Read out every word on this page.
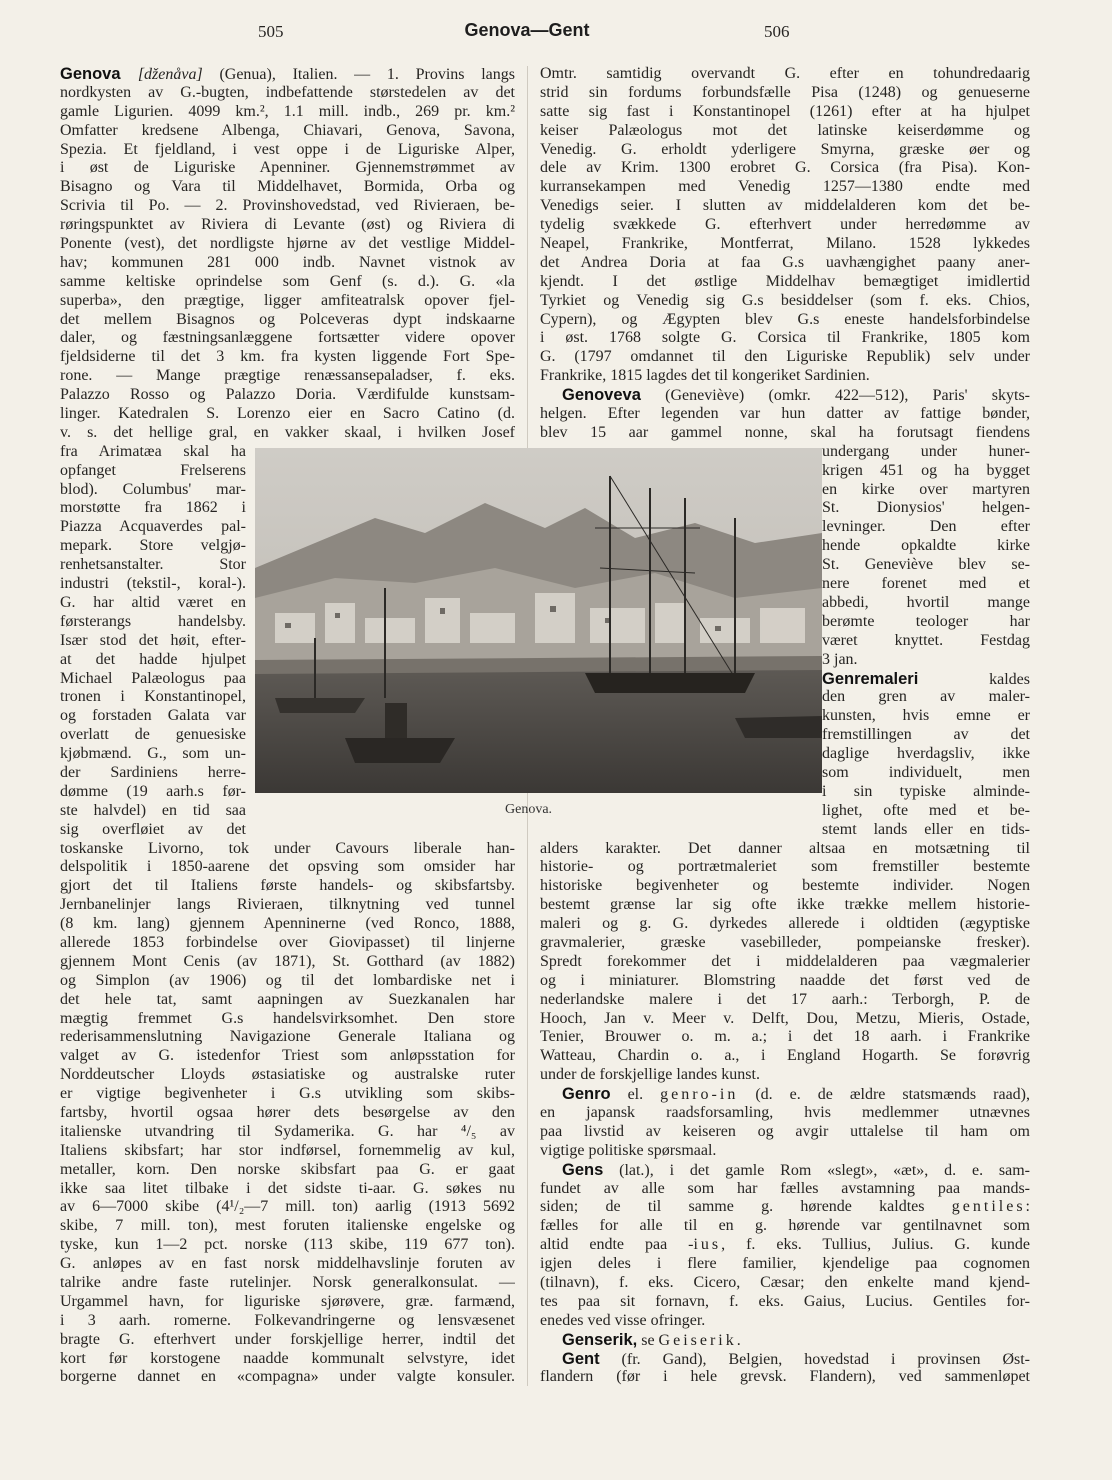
505	Genova—Gent	506
Genova [dženåva] (Genua), Italien. — 1. Provins langs
nordkysten av G.-bugten, indbefattende størstedelen av det
gamle Ligurien. 4099 km.², 1.1 mill. indb., 269 pr. km.²
Omfatter kredsene Albenga, Chiavari, Genova, Savona,
Spezia. Et fjeldland, i vest oppe i de Liguriske Alper,
i øst de Liguriske Apenniner. Gjennemstrømmet av
Bisagno og Vara til Middelhavet, Bormida, Orba og
Scrivia til Po. — 2. Provinshovedstad, ved Rivieraen, be-
røringspunktet av Riviera di Levante (øst) og Riviera di
Ponente (vest), det nordligste hjørne av det vestlige Middel-
hav; kommunen 281 000 indb. Navnet vistnok av
samme keltiske oprindelse som Genf (s. d.). G. «la
superba», den prægtige, ligger amfiteatralsk opover fjel-
det mellem Bisagnos og Polceveras dypt indskaarne
daler, og fæstningsanlæggene fortsætter videre opover
fjeldsiderne til det 3 km. fra kysten liggende Fort Spe-
rone. — Mange prægtige renæssansepaladser, f. eks.
Palazzo Rosso og Palazzo Doria. Værdifulde kunstsam-
linger. Katedralen S. Lorenzo eier en Sacro Catino (d.
v. s. det hellige gral, en vakker skaal, i hvilken Josef
fra Arimatæa skal ha
opfanget Frelserens
blod). Columbus' mar-
morstøtte fra 1862 i
Piazza Acquaverdes pal-
mepark. Store velgjø-
renhetsanstalter. Stor
industri (tekstil-, koral-).
G. har altid været en
førsterangs handelsby.
Især stod det høit, efter-
at det hadde hjulpet
Michael Palæologus paa
tronen i Konstantinopel,
og forstaden Galata var
overlatt de genuesiske
kjøbmænd. G., som un-
der Sardiniens herre-
dømme (19 aarh.s før-
ste halvdel) en tid saa
sig overfløiet av det
toskanske Livorno, tok under Cavours liberale han-
delspolitik i 1850-aarene det opsving som omsider har
gjort det til Italiens første handels- og skibsfartsby.
Jernbanelinjer langs Rivieraen, tilknytning ved tunnel
(8 km. lang) gjennem Apenninerne (ved Ronco, 1888,
allerede 1853 forbindelse over Giovipasset) til linjerne
gjennem Mont Cenis (av 1871), St. Gotthard (av 1882)
og Simplon (av 1906) og til det lombardiske net i
det hele tat, samt aapningen av Suezkanalen har
mægtig fremmet G.s handelsvirksomhet. Den store
rederisammenslutning Navigazione Generale Italiana og
valget av G. istedenfor Triest som anløpsstation for
Norddeutscher Lloyds østasiatiske og australske ruter
er vigtige begivenheter i G.s utvikling som skibs-
fartsby, hvortil ogsaa hører dets besørgelse av den
italienske utvandring til Sydamerika. G. har ⁴/₅ av
Italiens skibsfart; har stor indførsel, fornemmelig av kul,
metaller, korn. Den norske skibsfart paa G. er gaat
ikke saa litet tilbake i det sidste ti-aar. G. søkes nu
av 6—7000 skibe (4¹/₂—7 mill. ton) aarlig (1913 5692
skibe, 7 mill. ton), mest foruten italienske engelske og
tyske, kun 1—2 pct. norske (113 skibe, 119 677 ton).
G. anløpes av en fast norsk middelhavslinje foruten av
talrike andre faste rutelinjer. Norsk generalkonsulat. —
Urgammel havn, for liguriske sjørøvere, græ. farmænd,
i 3 aarh. romerne. Folkevandringerne og lensvæsenet
bragte G. efterhvert under forskjellige herrer, indtil det
kort før korstogene naadde kommunalt selvstyre, idet
borgerne dannet en «compagna» under valgte konsuler.
Omtr. samtidig overvandt G. efter en tohundredaarig
strid sin fordums forbundsfælle Pisa (1248) og genueserne
satte sig fast i Konstantinopel (1261) efter at ha hjulpet
keiser Palæologus mot det latinske keiserdømme og
Venedig. G. erholdt yderligere Smyrna, græske øer og
dele av Krim. 1300 erobret G. Corsica (fra Pisa). Kon-
kurransekampen med Venedig 1257—1380 endte med
Venedigs seier. I slutten av middelalderen kom det be-
tydelig svækkede G. efterhvert under herredømme av
Neapel, Frankrike, Montferrat, Milano. 1528 lykkedes
det Andrea Doria at faa G.s uavhængighet paany aner-
kjendt. I det østlige Middelhav bemægtiget imidlertid
Tyrkiet og Venedig sig G.s besiddelser (som f. eks. Chios,
Cypern), og Ægypten blev G.s eneste handelsforbindelse
i øst. 1768 solgte G. Corsica til Frankrike, 1805 kom
G. (1797 omdannet til den Liguriske Republik) selv under
Frankrike, 1815 lagdes det til kongeriket Sardinien.
Genoveva (Geneviève) (omkr. 422—512), Paris' skyts-
helgen. Efter legenden var hun datter av fattige bønder,
blev 15 aar gammel nonne, skal ha forutsagt fiendens
undergang under huner-
krigen 451 og ha bygget
en kirke over martyren
St. Dionysios' helgen-
levninger. Den efter
hende opkaldte kirke
St. Geneviève blev se-
nere forenet med et
abbedi, hvortil mange
berømte teologer har
været knyttet. Festdag
3 jan.
Genremaleri kaldes
den gren av maler-
kunsten, hvis emne er
fremstillingen av det
daglige hverdagsliv, ikke
som individuelt, men
i sin typiske alminde-
lighet, ofte med et be-
stemt lands eller en tids-
alders karakter. Det danner altsaa en motsætning til
historie- og portrætmaleriet som fremstiller bestemte
historiske begivenheter og bestemte individer. Nogen
bestemt grænse lar sig ofte ikke trække mellem historie-
maleri og g. G. dyrkedes allerede i oldtiden (ægyptiske
gravmalerier, græske vasebilleder, pompeianske fresker).
Spredt forekommer det i middelalderen paa vægmalerier
og i miniaturer. Blomstring naadde det først ved de
nederlandske malere i det 17 aarh.: Terborgh, P. de
Hooch, Jan v. Meer v. Delft, Dou, Metzu, Mieris, Ostade,
Tenier, Brouwer o. m. a.; i det 18 aarh. i Frankrike
Watteau, Chardin o. a., i England Hogarth. Se forøvrig
under de forskjellige landes kunst.
Genro el. genro-in (d. e. de ældre statsmænds raad),
en japansk raadsforsamling, hvis medlemmer utnævnes
paa livstid av keiseren og avgir uttalelse til ham om
vigtige politiske spørsmaal.
Gens (lat.), i det gamle Rom «slegt», «æt», d. e. sam-
fundet av alle som har fælles avstamning paa mands-
siden; de til samme g. hørende kaldtes gentiles:
fælles for alle til en g. hørende var gentilnavnet som
altid endte paa -ius, f. eks. Tullius, Julius. G. kunde
igjen deles i flere familier, kjendelige paa cognomen
(tilnavn), f. eks. Cicero, Cæsar; den enkelte mand kjend-
tes paa sit fornavn, f. eks. Gaius, Lucius. Gentiles for-
enedes ved visse ofringer.
Genserik, se Geiserik.
Gent (fr. Gand), Belgien, hovedstad i provinsen Øst-
flandern (før i hele grevsk. Flandern), ved sammenløpet
Genova.
